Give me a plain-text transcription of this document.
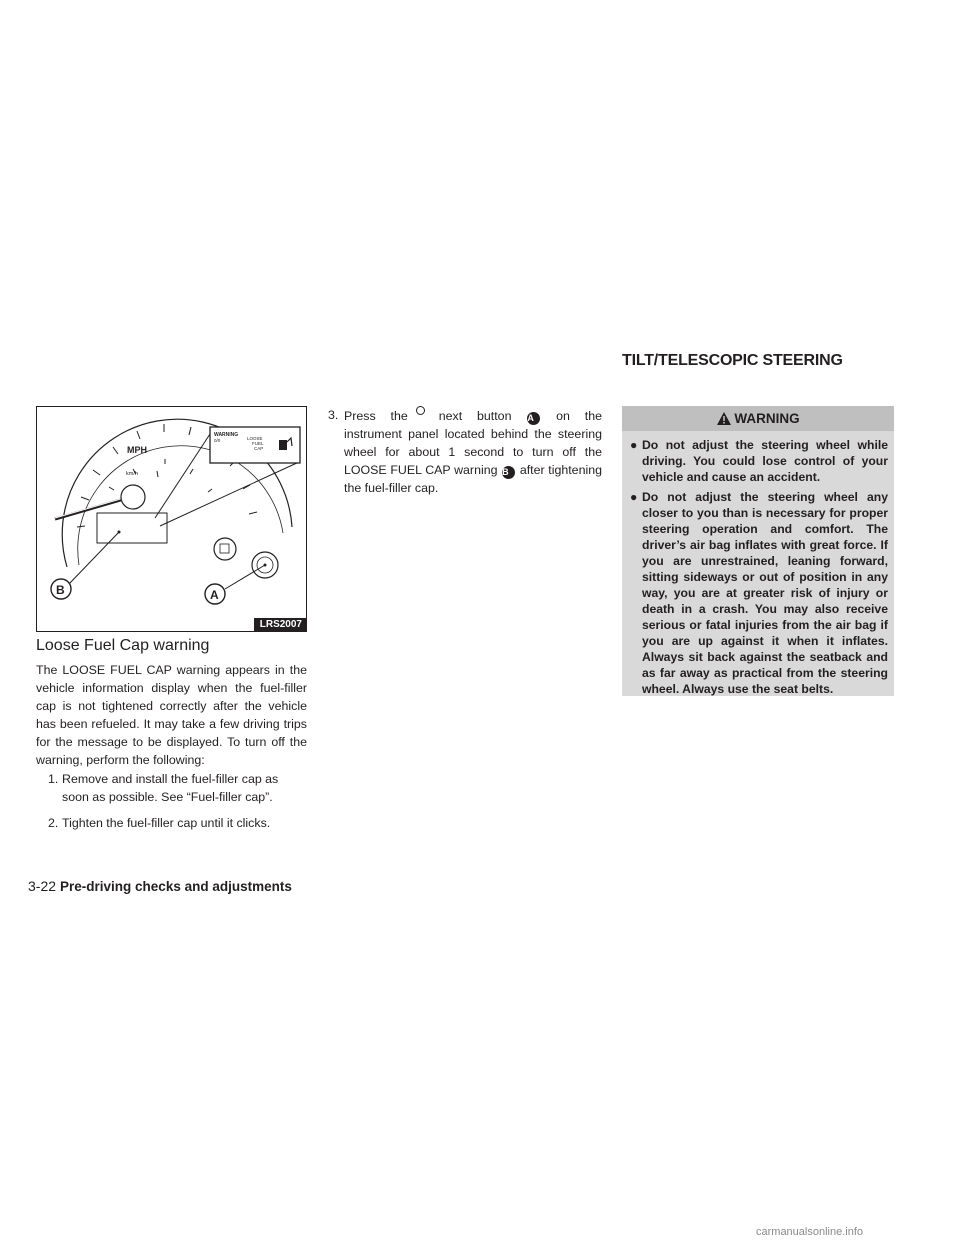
TILT/TELESCOPIC STEERING
MPH
km/h
WARNING
0/0	LOOSE
FUEL
CAP
B	A
LRS2007
Loose Fuel Cap warning

The LOOSE FUEL CAP warning appears in the vehicle information display when the fuel-filler cap is not tightened correctly after the vehicle has been refueled. It may take a few driving trips for the message to be displayed. To turn off the warning, perform the following:

1. Remove and install the fuel-filler cap as soon as possible. See “Fuel-filler cap”.
2. Tighten the fuel-filler cap until it clicks.
3. Press the	next button A on the instrument panel located behind the steering wheel for about 1 second to turn off the LOOSE FUEL CAP warning B after tightening the fuel-filler cap.
WARNING
● Do not adjust the steering wheel while driving. You could lose control of your vehicle and cause an accident.
● Do not adjust the steering wheel any closer to you than is necessary for proper steering operation and comfort. The driver’s air bag inflates with great force. If you are unrestrained, leaning forward, sitting sideways or out of position in any way, you are at greater risk of injury or death in a crash. You may also receive serious or fatal injuries from the air bag if you are up against it when it inflates. Always sit back against the seatback and as far away as practical from the steering wheel. Always use the seat belts.
3-22 Pre-driving checks and adjustments
carmanualsonline.info
